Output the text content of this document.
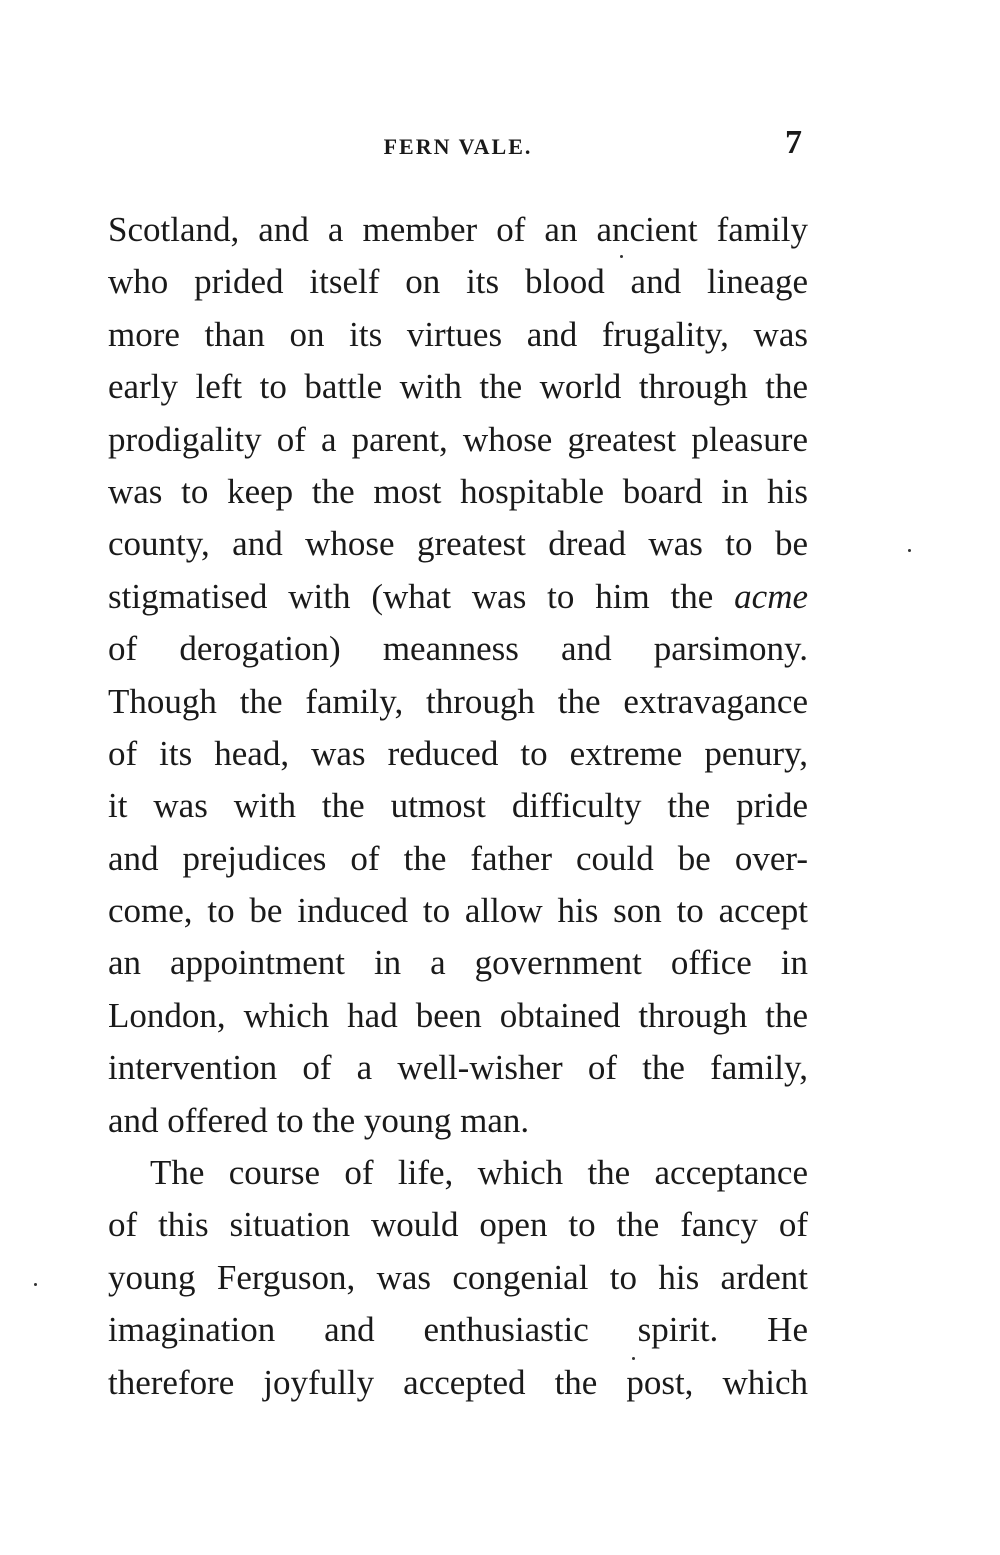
FERN VALE.	7
Scotland, and a member of an ancient family
who prided itself on its blood and lineage
more than on its virtues and frugality, was
early left to battle with the world through the
prodigality of a parent, whose greatest pleasure
was to keep the most hospitable board in his
county, and whose greatest dread was to be
stigmatised with (what was to him the acme
of derogation) meanness and parsimony.
Though the family, through the extravagance
of its head, was reduced to extreme penury,
it was with the utmost difficulty the pride
and prejudices of the father could be over-
come, to be induced to allow his son to accept
an appointment in a government office in
London, which had been obtained through the
intervention of a well-wisher of the family,
and offered to the young man.
The course of life, which the acceptance
of this situation would open to the fancy of
young Ferguson, was congenial to his ardent
imagination and enthusiastic spirit. He
therefore joyfully accepted the post, which
